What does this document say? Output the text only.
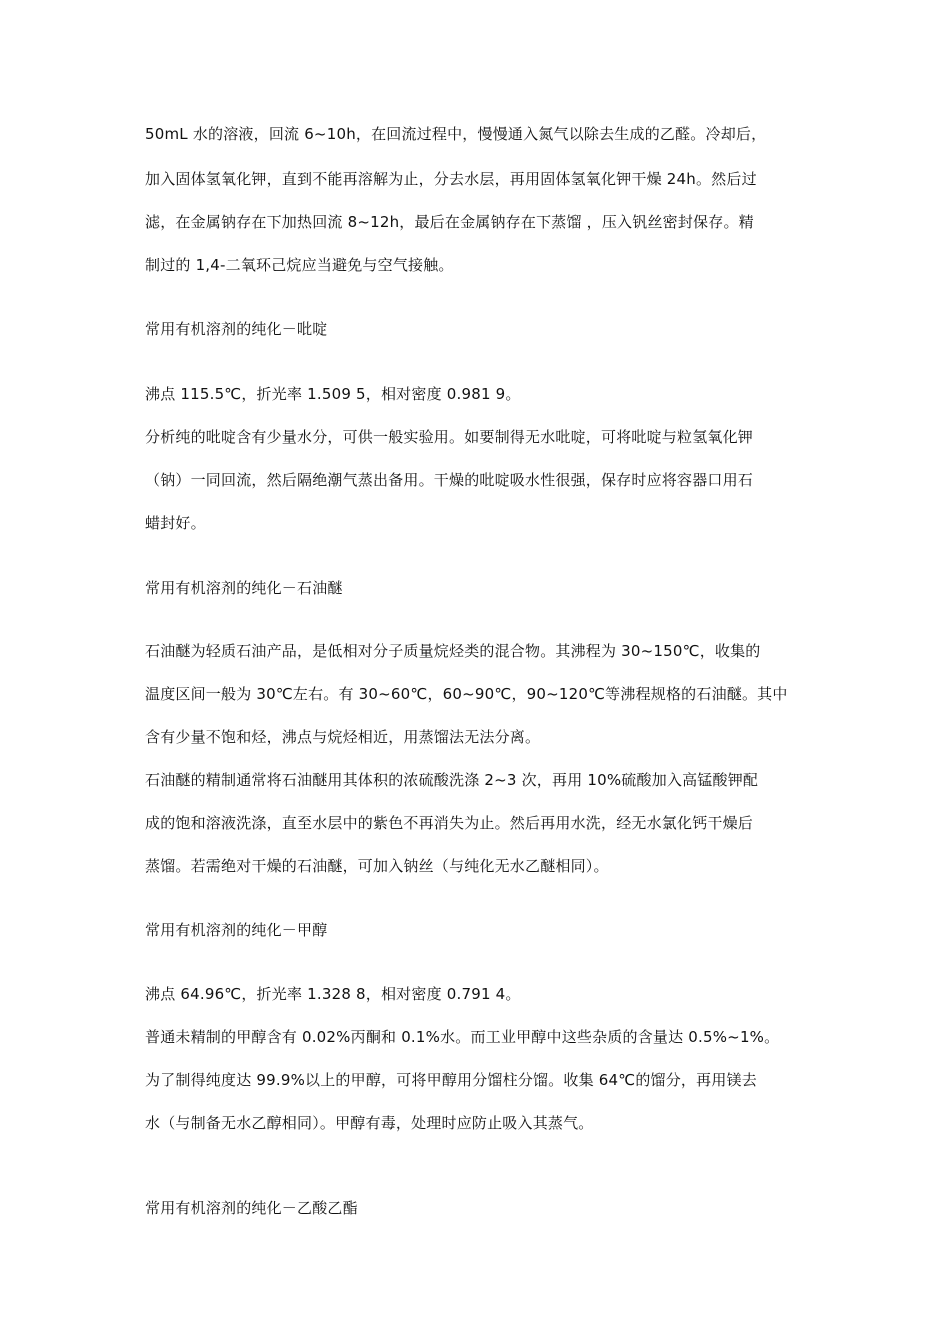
50mL 水的溶液，回流 6~10h，在回流过程中，慢慢通入氮气以除去生成的乙醛。冷却后，
加入固体氢氧化钾，直到不能再溶解为止，分去水层，再用固体氢氧化钾干燥 24h。然后过
滤，在金属钠存在下加热回流 8~12h，最后在金属钠存在下蒸馏 ，压入钒丝密封保存。精
制过的 1,4-二氧环己烷应当避免与空气接触。
常用有机溶剂的纯化－吡啶
沸点 115.5℃，折光率 1.509 5，相对密度 0.981 9。
分析纯的吡啶含有少量水分，可供一般实验用。如要制得无水吡啶，可将吡啶与粒氢氧化钾
（钠）一同回流，然后隔绝潮气蒸出备用。干燥的吡啶吸水性很强，保存时应将容器口用石
蜡封好。
常用有机溶剂的纯化－石油醚
石油醚为轻质石油产品，是低相对分子质量烷烃类的混合物。其沸程为 30~150℃，收集的
温度区间一般为 30℃左右。有 30~60℃，60~90℃，90~120℃等沸程规格的石油醚。其中
含有少量不饱和烃，沸点与烷烃相近，用蒸馏法无法分离。
石油醚的精制通常将石油醚用其体积的浓硫酸洗涤 2~3 次，再用 10%硫酸加入高锰酸钾配
成的饱和溶液洗涤，直至水层中的紫色不再消失为止。然后再用水洗，经无水氯化钙干燥后
蒸馏。若需绝对干燥的石油醚，可加入钠丝（与纯化无水乙醚相同）。
常用有机溶剂的纯化－甲醇
沸点 64.96℃，折光率 1.328 8，相对密度 0.791 4。
普通未精制的甲醇含有 0.02%丙酮和 0.1%水。而工业甲醇中这些杂质的含量达 0.5%~1%。
为了制得纯度达 99.9%以上的甲醇，可将甲醇用分馏柱分馏。收集 64℃的馏分，再用镁去
水（与制备无水乙醇相同）。甲醇有毒，处理时应防止吸入其蒸气。
常用有机溶剂的纯化－乙酸乙酯
